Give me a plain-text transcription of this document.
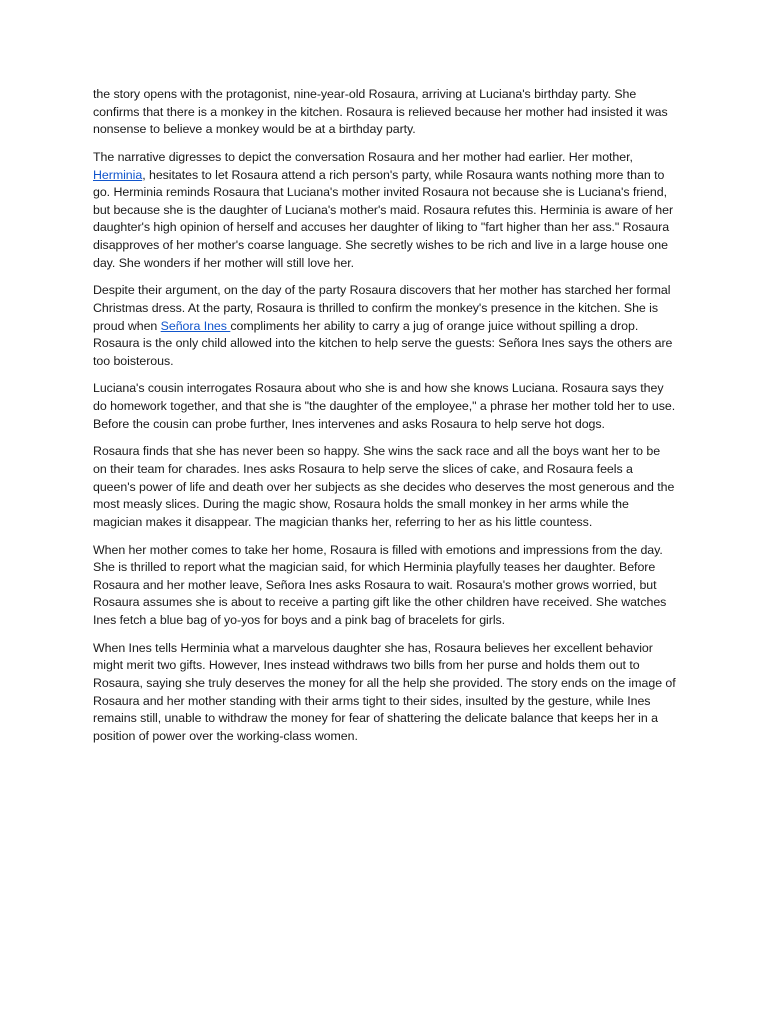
the story opens with the protagonist, nine-year-old Rosaura, arriving at Luciana's birthday party. She confirms that there is a monkey in the kitchen. Rosaura is relieved because her mother had insisted it was nonsense to believe a monkey would be at a birthday party.

The narrative digresses to depict the conversation Rosaura and her mother had earlier. Her mother, Herminia, hesitates to let Rosaura attend a rich person's party, while Rosaura wants nothing more than to go. Herminia reminds Rosaura that Luciana's mother invited Rosaura not because she is Luciana's friend, but because she is the daughter of Luciana's mother's maid. Rosaura refutes this. Herminia is aware of her daughter's high opinion of herself and accuses her daughter of liking to "fart higher than her ass." Rosaura disapproves of her mother's coarse language. She secretly wishes to be rich and live in a large house one day. She wonders if her mother will still love her.

Despite their argument, on the day of the party Rosaura discovers that her mother has starched her formal Christmas dress. At the party, Rosaura is thrilled to confirm the monkey's presence in the kitchen. She is proud when Señora Ines compliments her ability to carry a jug of orange juice without spilling a drop. Rosaura is the only child allowed into the kitchen to help serve the guests: Señora Ines says the others are too boisterous.

Luciana's cousin interrogates Rosaura about who she is and how she knows Luciana. Rosaura says they do homework together, and that she is "the daughter of the employee," a phrase her mother told her to use. Before the cousin can probe further, Ines intervenes and asks Rosaura to help serve hot dogs.

Rosaura finds that she has never been so happy. She wins the sack race and all the boys want her to be on their team for charades. Ines asks Rosaura to help serve the slices of cake, and Rosaura feels a queen's power of life and death over her subjects as she decides who deserves the most generous and the most measly slices. During the magic show, Rosaura holds the small monkey in her arms while the magician makes it disappear. The magician thanks her, referring to her as his little countess.

When her mother comes to take her home, Rosaura is filled with emotions and impressions from the day. She is thrilled to report what the magician said, for which Herminia playfully teases her daughter. Before Rosaura and her mother leave, Señora Ines asks Rosaura to wait. Rosaura's mother grows worried, but Rosaura assumes she is about to receive a parting gift like the other children have received. She watches Ines fetch a blue bag of yo-yos for boys and a pink bag of bracelets for girls.

When Ines tells Herminia what a marvelous daughter she has, Rosaura believes her excellent behavior might merit two gifts. However, Ines instead withdraws two bills from her purse and holds them out to Rosaura, saying she truly deserves the money for all the help she provided. The story ends on the image of Rosaura and her mother standing with their arms tight to their sides, insulted by the gesture, while Ines remains still, unable to withdraw the money for fear of shattering the delicate balance that keeps her in a position of power over the working-class women.
